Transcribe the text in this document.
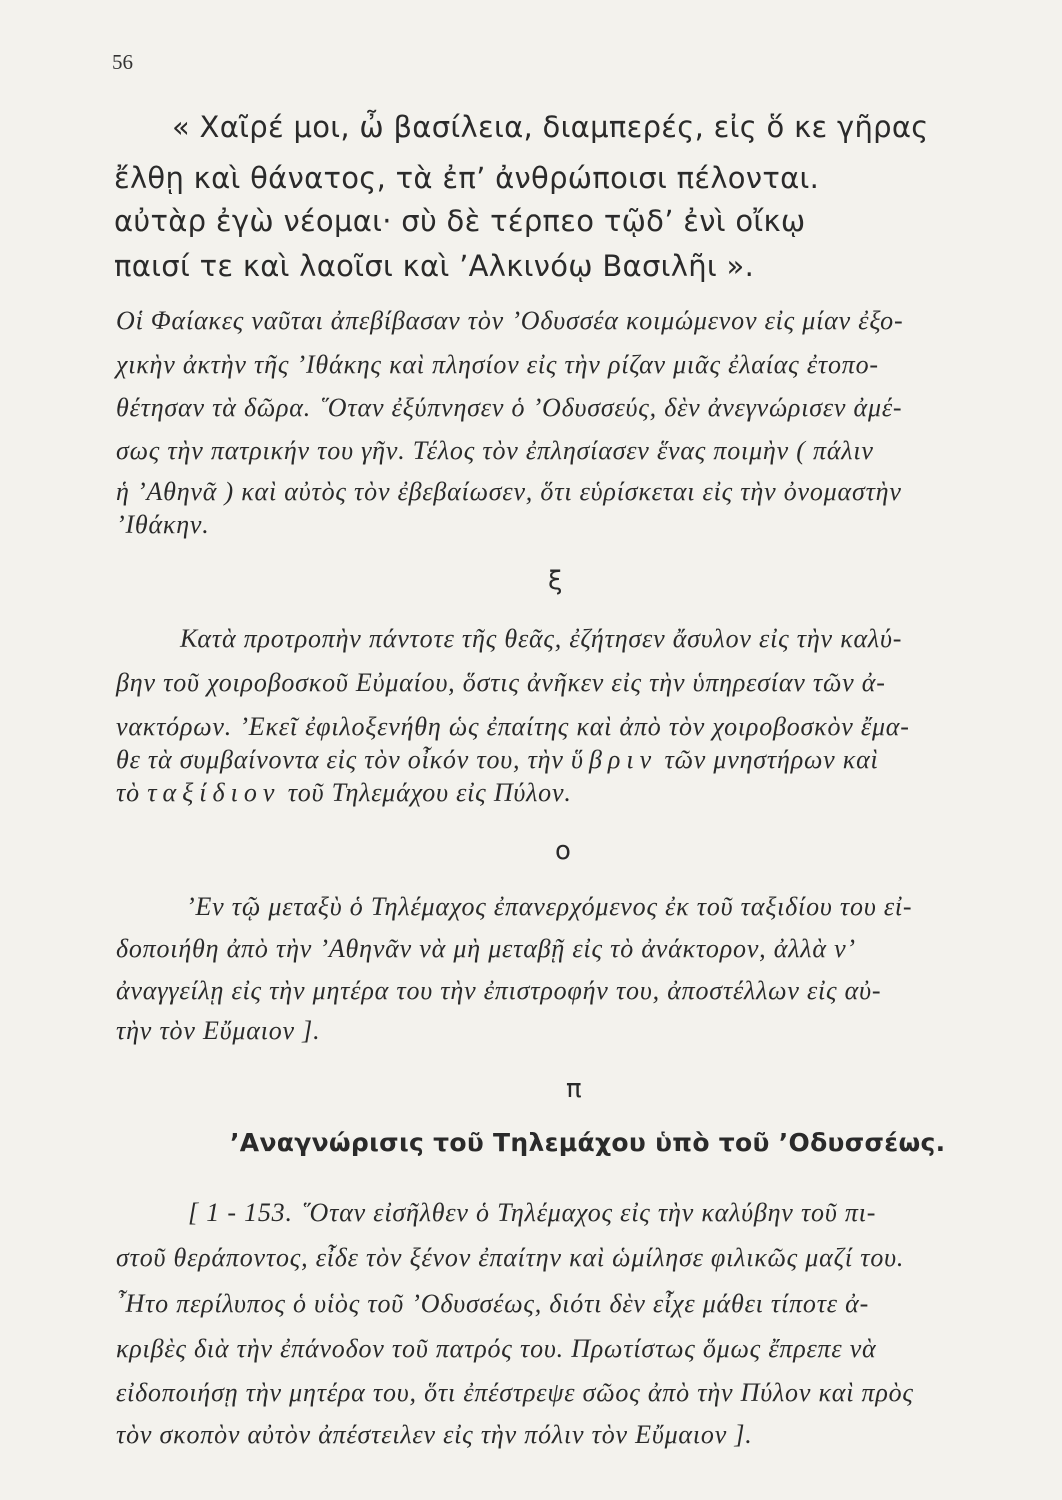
56
« Χαῖρέ μοι, ὦ βασίλεια, διαμπερές, εἰς ὅ κε γῆρας
ἔλθῃ καὶ θάνατος, τὰ ἐπ’ ἀνθρώποισι πέλονται.
αὐτὰρ ἐγὼ νέομαι· σὺ δὲ τέρπεο τῷδ’ ἐνὶ οἴκῳ
παισί τε καὶ λαοῖσι καὶ ’Αλκινόῳ Βασιλῆι ».
Οἱ Φαίακες ναῦται ἀπεβίβασαν τὸν ’Οδυσσέα κοιμώμενον εἰς μίαν ἐξο-
χικὴν ἀκτὴν τῆς ’Ιθάκης καὶ πλησίον εἰς τὴν ρίζαν μιᾶς ἐλαίας ἐτοπο-
θέτησαν τὰ δῶρα. ῞Οταν ἐξύπνησεν ὁ ’Οδυσσεύς, δὲν ἀνεγνώρισεν ἀμέ-
σως τὴν πατρικήν του γῆν. Τέλος τὸν ἐπλησίασεν ἕνας ποιμὴν ( πάλιν
ἡ ’Αθηνᾶ ) καὶ αὐτὸς τὸν ἐβεβαίωσεν, ὅτι εὑρίσκεται εἰς τὴν ὀνομαστὴν
’Ιθάκην.
ξ
Κατὰ προτροπὴν πάντοτε τῆς θεᾶς, ἐζήτησεν ἄσυλον εἰς τὴν καλύ-
βην τοῦ χοιροβοσκοῦ Εὐμαίου, ὅστις ἀνῆκεν εἰς τὴν ὑπηρεσίαν τῶν ἀ-
νακτόρων. ’Εκεῖ ἐφιλοξενήθη ὡς ἐπαίτης καὶ ἀπὸ τὸν χοιροβοσκὸν ἔμα-
θε τὰ συμβαίνοντα εἰς τὸν οἶκόν του, τὴν ὕβριν τῶν μνηστήρων καὶ
τὸ ταξίδιον τοῦ Τηλεμάχου εἰς Πύλον.
ο
’Εν τῷ μεταξὺ ὁ Τηλέμαχος ἐπανερχόμενος ἐκ τοῦ ταξιδίου του εἰ-
δοποιήθη ἀπὸ τὴν ’Αθηνᾶν νὰ μὴ μεταβῇ εἰς τὸ ἀνάκτορον, ἀλλὰ ν’
ἀναγγείλῃ εἰς τὴν μητέρα του τὴν ἐπιστροφήν του, ἀποστέλλων εἰς αὐ-
τὴν τὸν Εὔμαιον ].
π
’Αναγνώρισις τοῦ Τηλεμάχου ὑπὸ τοῦ ’Οδυσσέως.
[ 1 - 153. ῞Οταν εἰσῆλθεν ὁ Τηλέμαχος εἰς τὴν καλύβην τοῦ πι-
στοῦ θεράποντος, εἶδε τὸν ξένον ἐπαίτην καὶ ὡμίλησε φιλικῶς μαζί του.
῏Ητο περίλυπος ὁ υἱὸς τοῦ ’Οδυσσέως, διότι δὲν εἶχε μάθει τίποτε ἀ-
κριβὲς διὰ τὴν ἐπάνοδον τοῦ πατρός του. Πρωτίστως ὅμως ἔπρεπε νὰ
εἰδοποιήσῃ τὴν μητέρα του, ὅτι ἐπέστρεψε σῶος ἀπὸ τὴν Πύλον καὶ πρὸς
τὸν σκοπὸν αὐτὸν ἀπέστειλεν εἰς τὴν πόλιν τὸν Εὔμαιον ].
